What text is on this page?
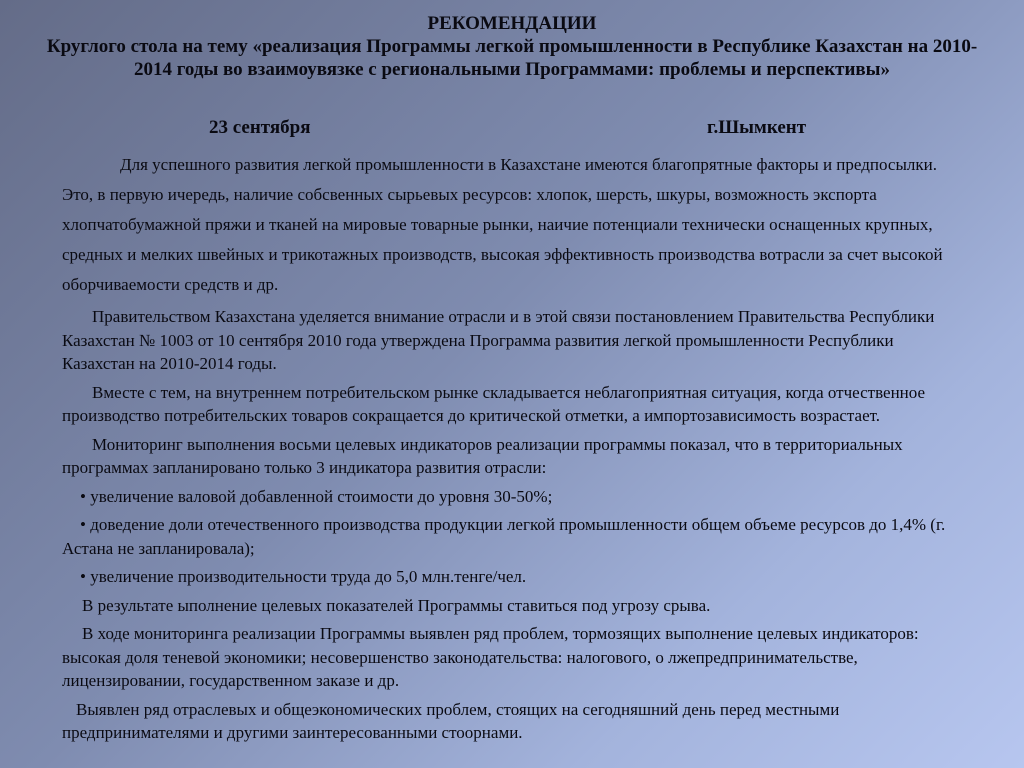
РЕКОМЕНДАЦИИ
Круглого стола на тему «реализация Программы легкой промышленности в Республике Казахстан на 2010-2014 годы во взаимоувязке с региональными Программами: проблемы и перспективы»
23 сентября	г.Шымкент

Для успешного развития легкой промышленности в Казахстане имеются благопрятные факторы и предпосылки. Это, в первую ичередь, наличие собсвенных сырьевых ресурсов: хлопок, шерсть, шкуры, возможность экспорта хлопчатобумажной пряжи и тканей на мировые товарные рынки, наичие потенциали технически оснащенных крупных, средных и мелких швейных и трикотажных производств, высокая эффективность производства вотрасли за счет высокой оборчиваемости средств и др.

Правительством Казахстана уделяется внимание отрасли и в этой связи постановлением Правительства Республики Казахстан № 1003 от 10 сентября 2010 года утверждена Программа развития легкой промышленности Республики Казахстан на 2010-2014 годы.

Вместе с тем, на внутреннем потребительском рынке складывается неблагоприятная ситуация, когда отчественное производство потребительских товаров сокращается до критической отметки, а импортозависимость возрастает.

Мониторинг выполнения восьми целевых индикаторов реализации программы показал, что в территориальных программах запланировано только 3 индикатора развития отрасли:

• увеличение валовой добавленной стоимости до уровня 30-50%;

• доведение доли отечественного производства продукции легкой промышленности общем объеме ресурсов до 1,4% (г. Астана не запланировала);

• увеличение производительности труда до 5,0 млн.тенге/чел.

В результате ыполнение целевых показателей Программы ставиться под угрозу срыва.

В ходе мониторинга реализации Программы выявлен ряд проблем, тормозящих выполнение целевых индикаторов: высокая доля теневой экономики; несовершенство законодательства: налогового, о лжепредпринимательстве, лицензировании, государственном заказе и др.

Выявлен ряд отраслевых и общеэкономических проблем, стоящих на сегодняшний день перед местными предпринимателями и другими заинтересованными стоорнами.
